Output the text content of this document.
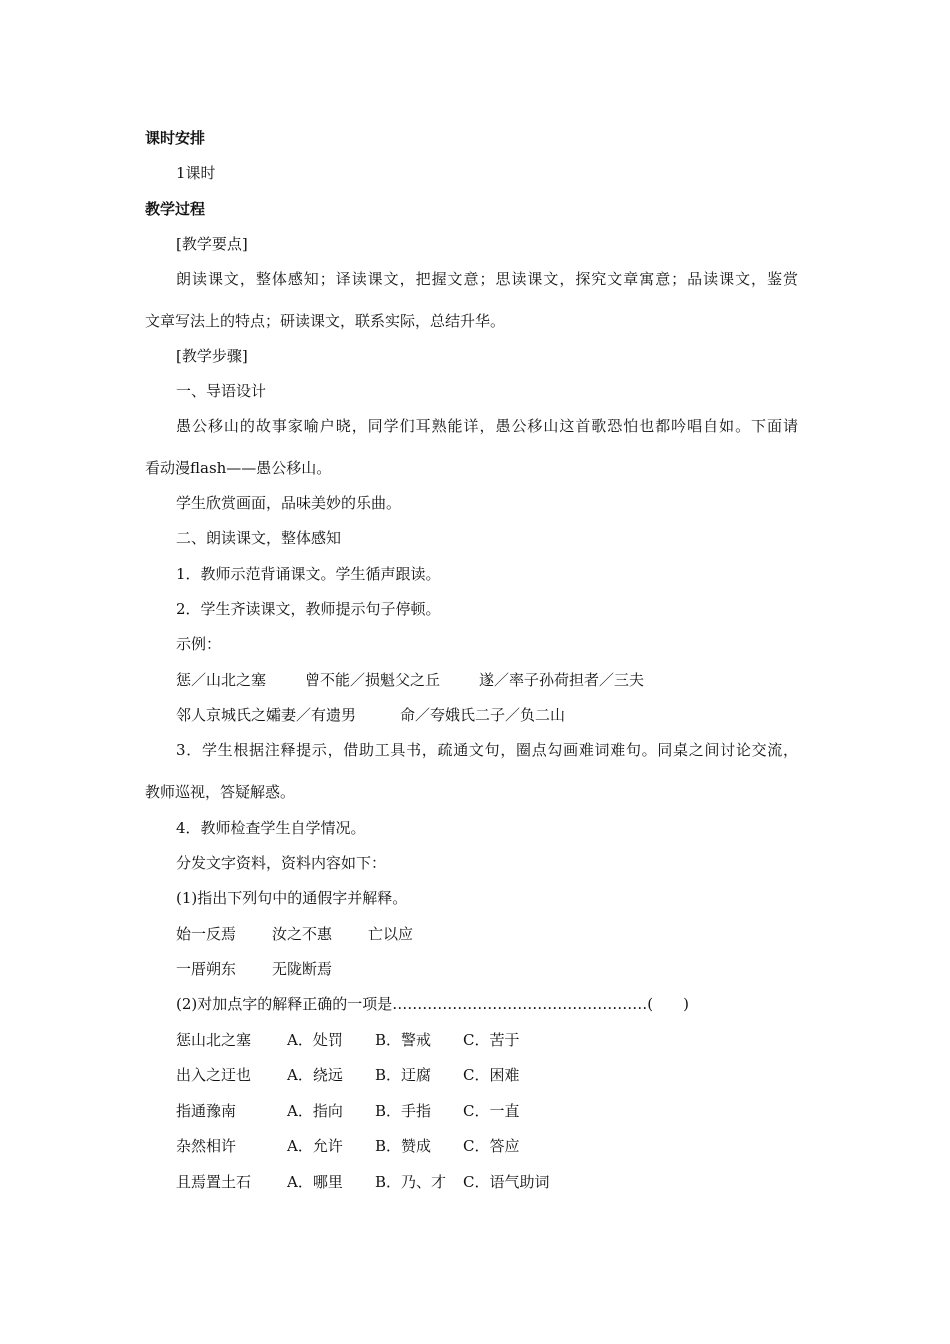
课时安排
1课时
教学过程
[教学要点]
朗读课文，整体感知；译读课文，把握文意；思读课文，探究文章寓意；品读课文，鉴赏
文章写法上的特点；研读课文，联系实际，总结升华。
[教学步骤]
一、导语设计
愚公移山的故事家喻户晓，同学们耳熟能详，愚公移山这首歌恐怕也都吟唱自如。下面请
看动漫flash——愚公移山。
学生欣赏画面，品味美妙的乐曲。
二、朗读课文，整体感知
1．教师示范背诵课文。学生循声跟读。
2．学生齐读课文，教师提示句子停顿。
示例：
惩／山北之塞	曾不能／损魁父之丘	遂／率子孙荷担者／三夫
邻人京城氏之孀妻／有遗男	命／夸娥氏二子／负二山
3．学生根据注释提示，借助工具书，疏通文句，圈点勾画难词难句。同桌之间讨论交流，
教师巡视，答疑解惑。
4．教师检查学生自学情况。
分发文字资料，资料内容如下：
(1)指出下列句中的通假字并解释。
始一反焉 汝之不惠 亡以应
一厝朔东 无陇断焉
(2)对加点字的解释正确的一项是……………………………………………(　　)
惩山北之塞 A．处罚 B．警戒 C．苦于
出入之迂也 A．绕远 B．迂腐 C．困难
指通豫南	A．指向 B．手指 C．一直
杂然相许	A．允许 B．赞成 C．答应
且焉置土石 A．哪里 B．乃、才 C．语气助词
